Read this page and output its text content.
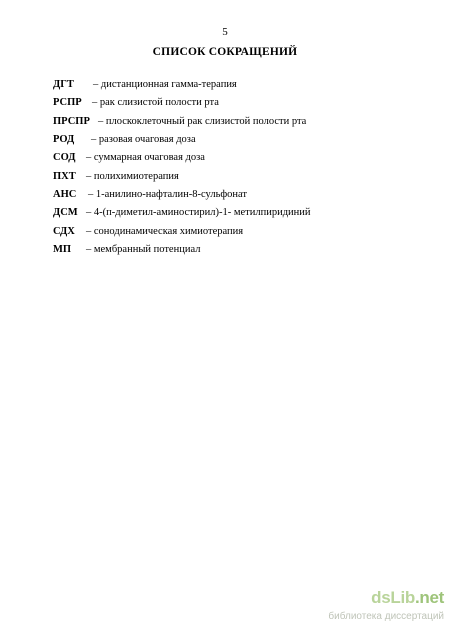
5
СПИСОК СОКРАЩЕНИЙ
ДГТ – дистанционная гамма-терапия
РСПР – рак слизистой полости рта
ПРСПР – плоскоклеточный рак слизистой полости рта
РОД – разовая очаговая доза
СОД – суммарная очаговая доза
ПХТ – полихимиотерапия
АНС – 1-анилино-нафталин-8-сульфонат
ДСМ – 4-(п-диметил-аминостирил)-1- метилпиридиний
СДХ – сонодинамическая химиотерапия
МП – мембранный потенциал
dsLib.net
библиотека диссертаций
